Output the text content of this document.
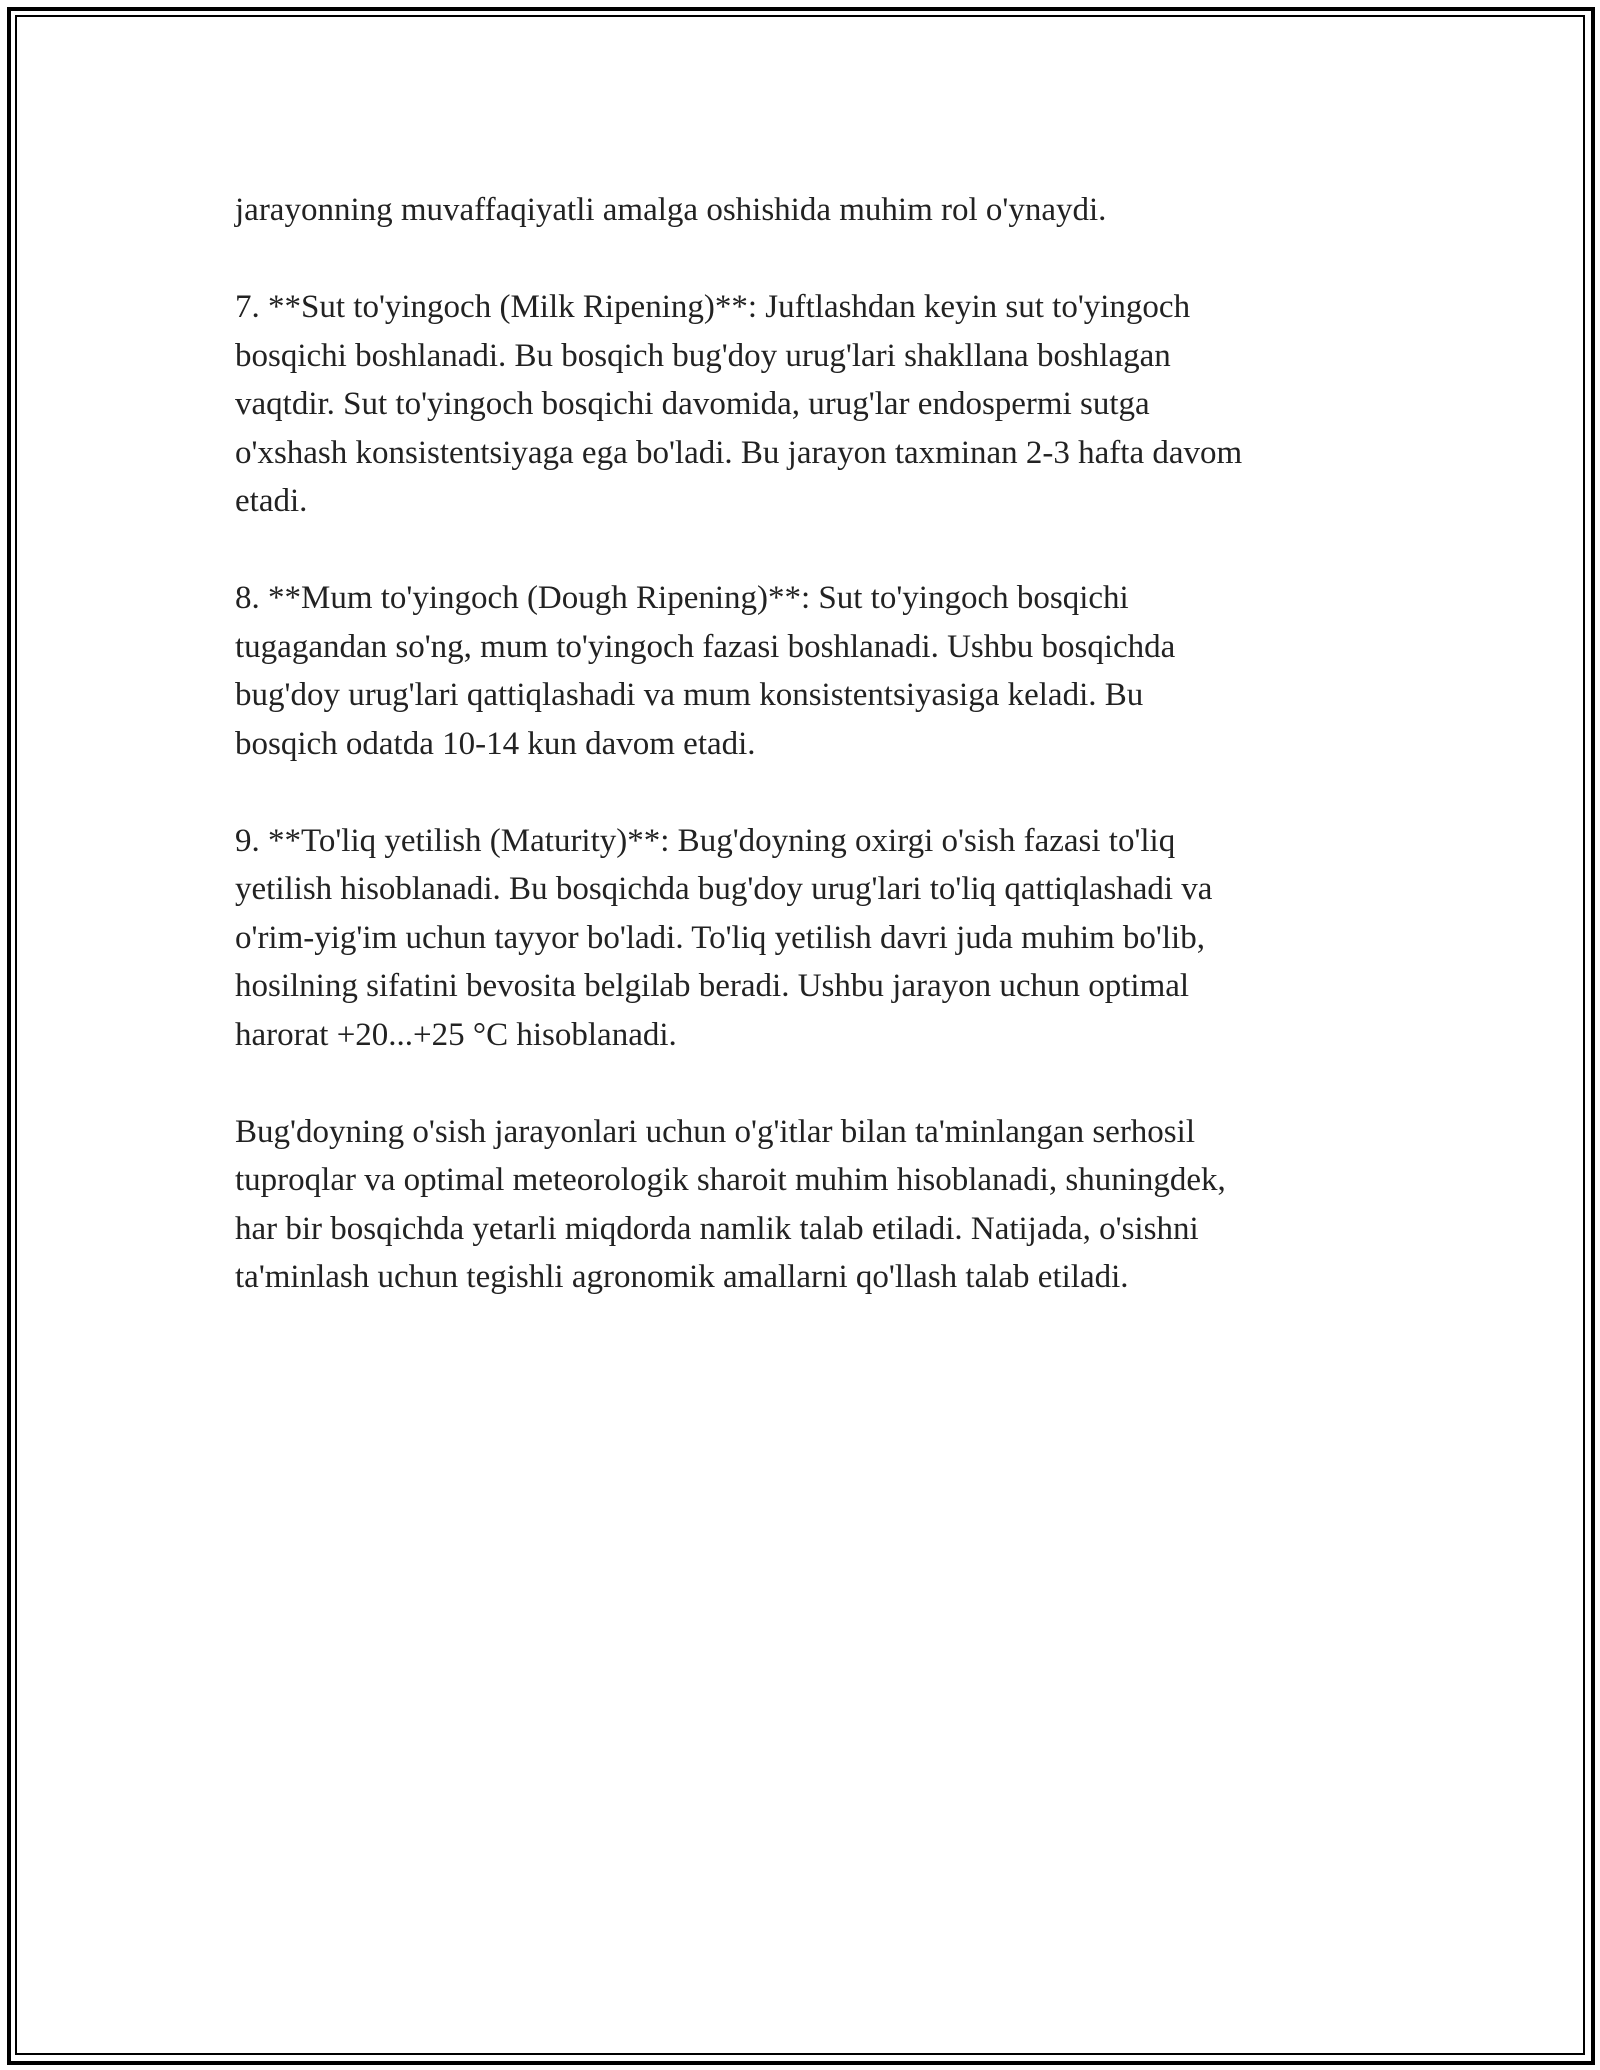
jarayonning muvaffaqiyatli amalga oshishida muhim rol o'ynaydi.

7. **Sut to'yingoch (Milk Ripening)**: Juftlashdan keyin sut to'yingoch
bosqichi boshlanadi. Bu bosqich bug'doy urug'lari shakllana boshlagan
vaqtdir. Sut to'yingoch bosqichi davomida, urug'lar endospermi sutga
o'xshash konsistentsiyaga ega bo'ladi. Bu jarayon taxminan 2-3 hafta davom
etadi.

8. **Mum to'yingoch (Dough Ripening)**: Sut to'yingoch bosqichi
tugagandan so'ng, mum to'yingoch fazasi boshlanadi. Ushbu bosqichda
bug'doy urug'lari qattiqlashadi va mum konsistentsiyasiga keladi. Bu
bosqich odatda 10-14 kun davom etadi.

9. **To'liq yetilish (Maturity)**: Bug'doyning oxirgi o'sish fazasi to'liq
yetilish hisoblanadi. Bu bosqichda bug'doy urug'lari to'liq qattiqlashadi va
o'rim-yig'im uchun tayyor bo'ladi. To'liq yetilish davri juda muhim bo'lib,
hosilning sifatini bevosita belgilab beradi. Ushbu jarayon uchun optimal
harorat +20...+25 °C hisoblanadi.

Bug'doyning o'sish jarayonlari uchun o'g'itlar bilan ta'minlangan serhosil
tuproqlar va optimal meteorologik sharoit muhim hisoblanadi, shuningdek,
har bir bosqichda yetarli miqdorda namlik talab etiladi. Natijada, o'sishni
ta'minlash uchun tegishli agronomik amallarni qo'llash talab etiladi.
